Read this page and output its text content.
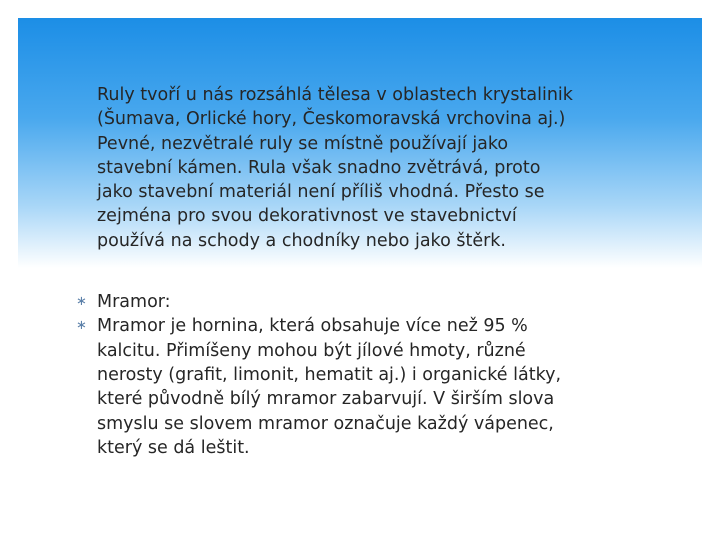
Ruly tvoří u nás rozsáhlá tělesa v oblastech krystalinik
(Šumava, Orlické hory, Českomoravská vrchovina aj.)
Pevné, nezvětralé ruly se místně používají jako
stavební kámen. Rula však snadno zvětrává, proto
jako stavební materiál není příliš vhodná. Přesto se
zejména pro svou dekorativnost ve stavebnictví
používá na schody a chodníky nebo jako štěrk.

∗ Mramor:
∗ Mramor je hornina, která obsahuje více než 95 %
kalcitu. Přimíšeny mohou být jílové hmoty, různé
nerosty (grafit, limonit, hematit aj.) i organické látky,
které původně bílý mramor zabarvují. V širším slova
smyslu se slovem mramor označuje každý vápenec,
který se dá leštit.
